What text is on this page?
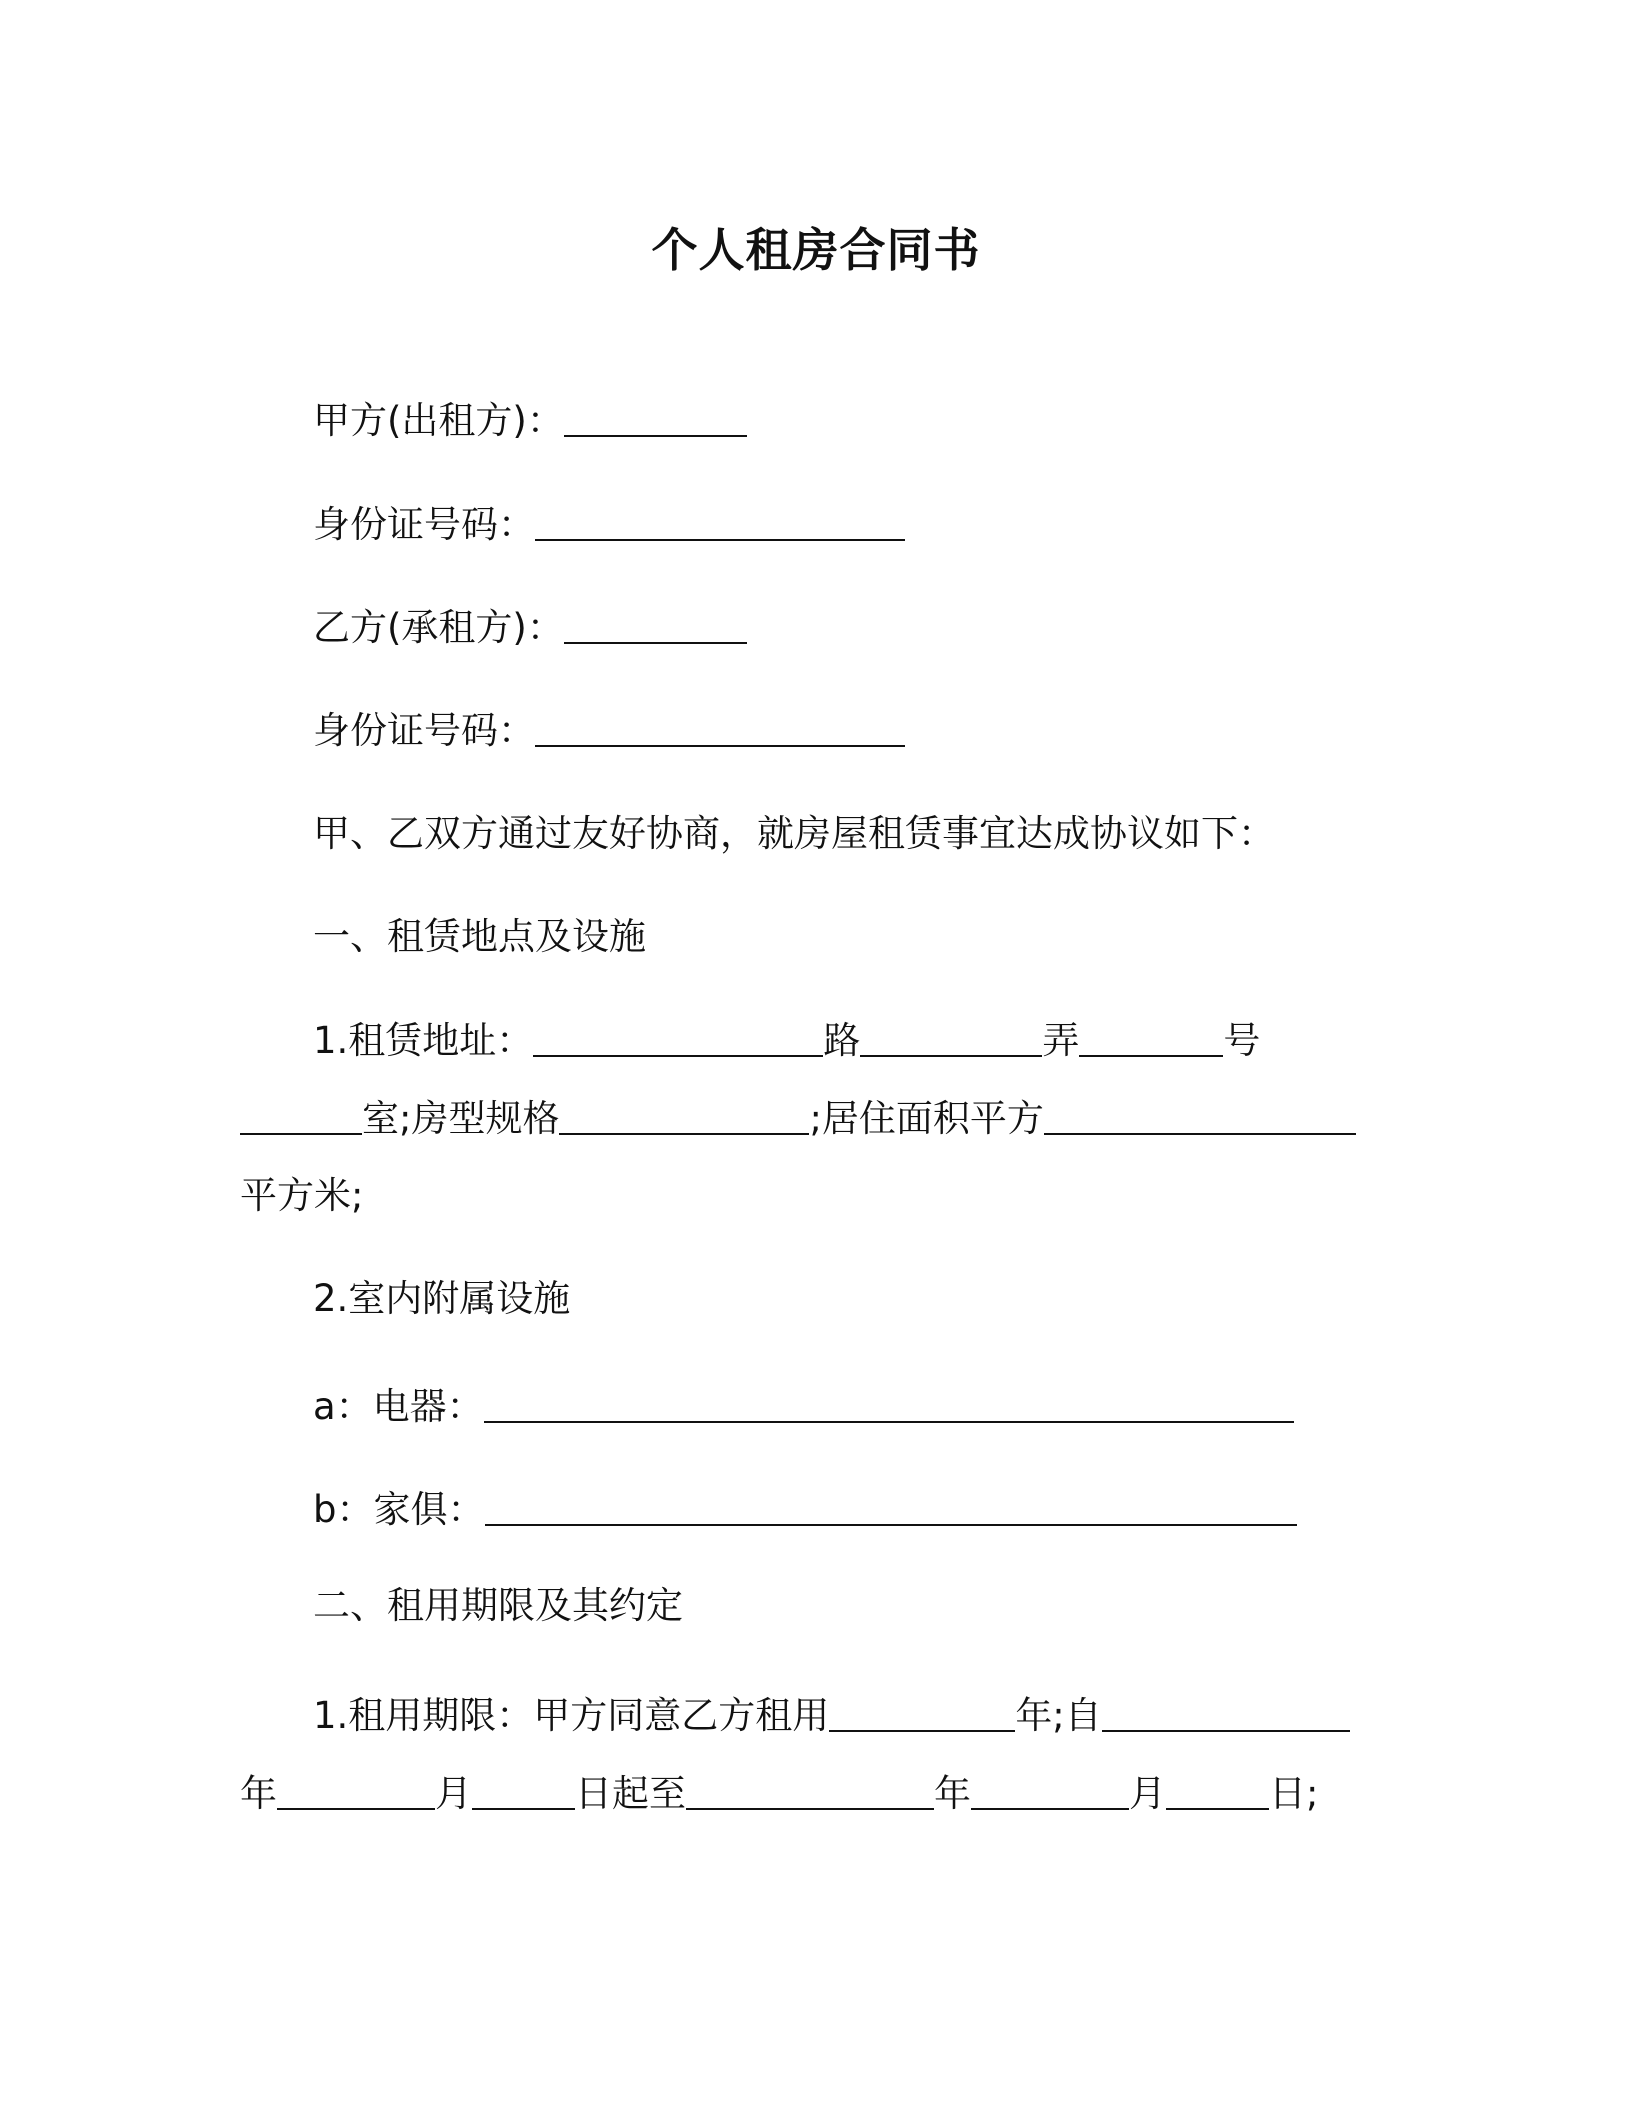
个人租房合同书

甲方(出租方)：

身份证号码：

乙方(承租方)：

身份证号码：

甲、乙双方通过友好协商，就房屋租赁事宜达成协议如下：

一、租赁地点及设施

1.租赁地址：	路	弄	号

室;房型规格	;居住面积平方

平方米;

2.室内附属设施

a：电器：

b：家俱：

二、租用期限及其约定

1.租用期限：甲方同意乙方租用	年;自

年	月	日起至	年	月	日;
